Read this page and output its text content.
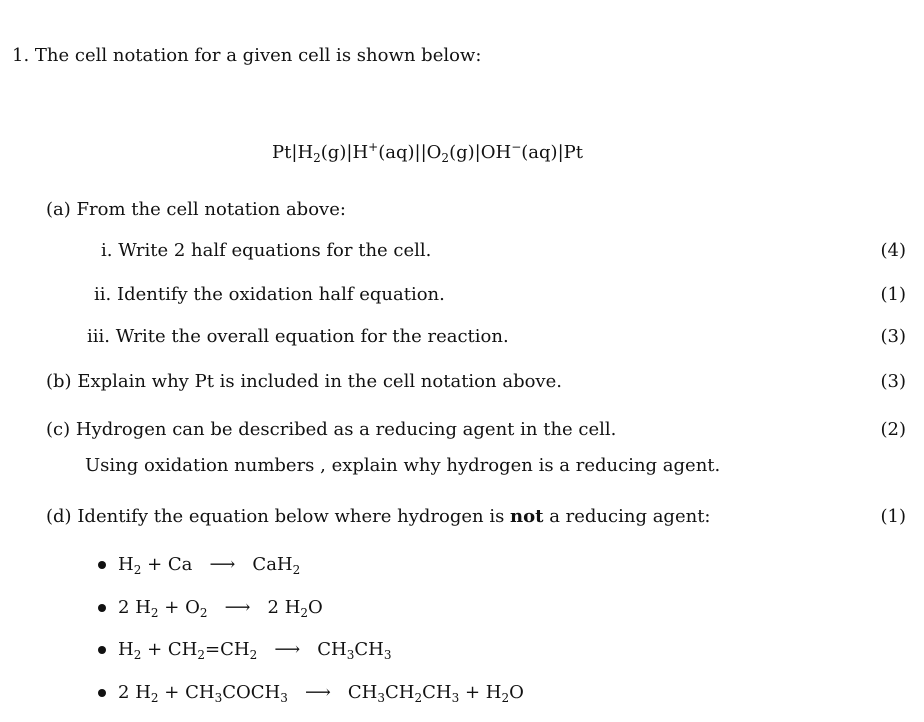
1. The cell notation for a given cell is shown below:
$Pt|H_2(g)|H^+(aq)||O_2(g)|OH^-(aq)|Pt$
(a) From the cell notation above:
i. Write 2 half equations for the cell.	(4)
ii. Identify the oxidation half equation.	(1)
iii. Write the overall equation for the reaction.	(3)
(b) Explain why Pt is included in the cell notation above.	(3)
(c) Hydrogen can be described as a reducing agent in the cell.	(2)
Using oxidation numbers , explain why hydrogen is a reducing agent.
(d) Identify the equation below where hydrogen is not a reducing agent:	(1)
$H_2 + Ca$ ⟶ CaH$_2$
2 $H_2 + O_2$ ⟶ 2 $H_2O$
$H_2 + CH_2=CH_2$ ⟶ $CH_3CH_3$
2 $H_2$ + $CH_3COCH_3$ ⟶ $CH_3CH_2CH_3 + H_2O$
